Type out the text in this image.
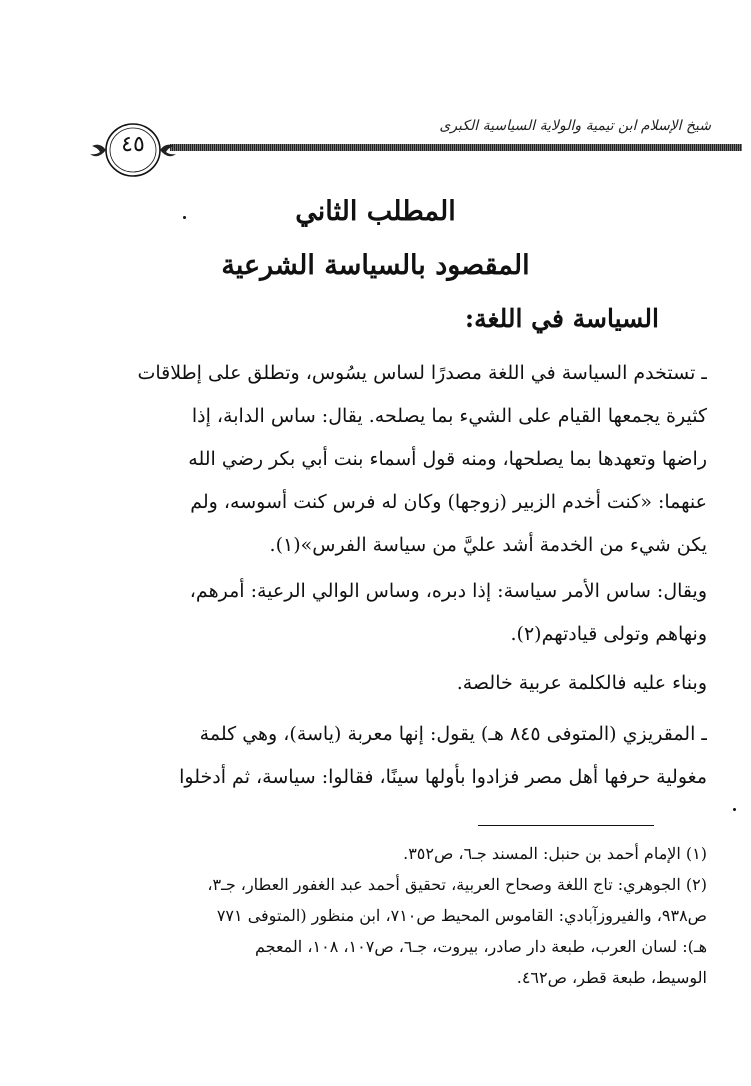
شيخ الإسلام ابن تيمية والولاية السياسية الكبرى
٤٥
المطلب الثاني
المقصود بالسياسة الشرعية
السياسة في اللغة:
ـ تستخدم السياسة في اللغة مصدرًا لساس يسُوس، وتطلق على إطلاقات
كثيرة يجمعها القيام على الشيء بما يصلحه. يقال: ساس الدابة، إذا
راضها وتعهدها بما يصلحها، ومنه قول أسماء بنت أبي بكر رضي الله
عنهما: «كنت أخدم الزبير (زوجها) وكان له فرس كنت أسوسه، ولم
يكن شيء من الخدمة أشد عليَّ من سياسة الفرس»(١).
ويقال: ساس الأمر سياسة: إذا دبره، وساس الوالي الرعية: أمرهم،
ونهاهم وتولى قيادتهم(٢).
وبناء عليه فالكلمة عربية خالصة.
ـ المقريزي (المتوفى ٨٤٥ هـ) يقول: إنها معربة (ياسة)، وهي كلمة
مغولية حرفها أهل مصر فزادوا بأولها سينًا، فقالوا: سياسة، ثم أدخلوا
(١) الإمام أحمد بن حنبل: المسند جـ٦، ص٣٥٢.
(٢) الجوهري: تاج اللغة وصحاح العربية، تحقيق أحمد عبد الغفور العطار، جـ٣،
ص٩٣٨، والفيروزآبادي: القاموس المحيط ص٧١٠، ابن منظور (المتوفى ٧٧١
هـ): لسان العرب، طبعة دار صادر، بيروت، جـ٦، ص١٠٧، ١٠٨، المعجم
الوسيط، طبعة قطر، ص٤٦٢.
